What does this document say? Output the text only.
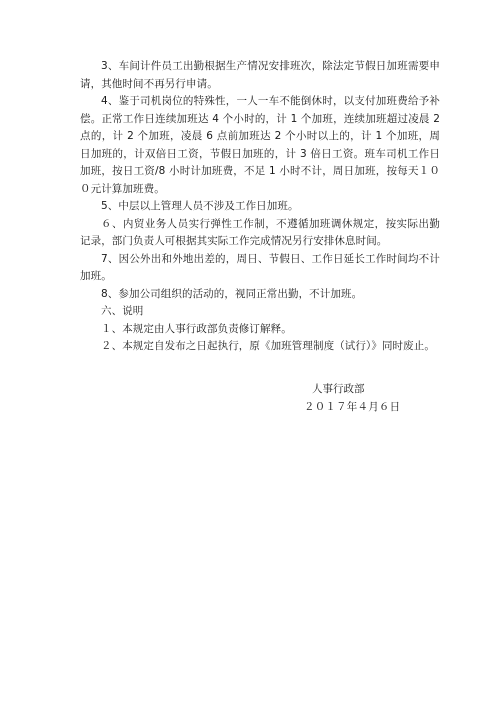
3、车间计件员工出勤根据生产情况安排班次，除法定节假日加班需要申请，其他时间不再另行申请。

4、鉴于司机岗位的特殊性，一人一车不能倒休时，以支付加班费给予补偿。正常工作日连续加班达 4 个小时的，计 1 个加班，连续加班超过凌晨 2 点的，计 2 个加班，凌晨 6 点前加班达 2 个小时以上的，计 1 个加班，周日加班的，计双倍日工资，节假日加班的，计 3 倍日工资。班车司机工作日加班，按日工资/8 小时计加班费，不足 1 小时不计，周日加班，按每天１００元计算加班费。

5、中层以上管理人员不涉及工作日加班。

６、内贸业务人员实行弹性工作制，不遵循加班调休规定，按实际出勤记录，部门负责人可根据其实际工作完成情况另行安排休息时间。

7、因公外出和外地出差的，周日、节假日、工作日延长工作时间均不计加班。

8、参加公司组织的活动的，视同正常出勤，不计加班。

六、说明

１、本规定由人事行政部负责修订解释。

２、本规定自发布之日起执行，原《加班管理制度（试行）》同时废止。

人事行政部

２０１７年４月６日
